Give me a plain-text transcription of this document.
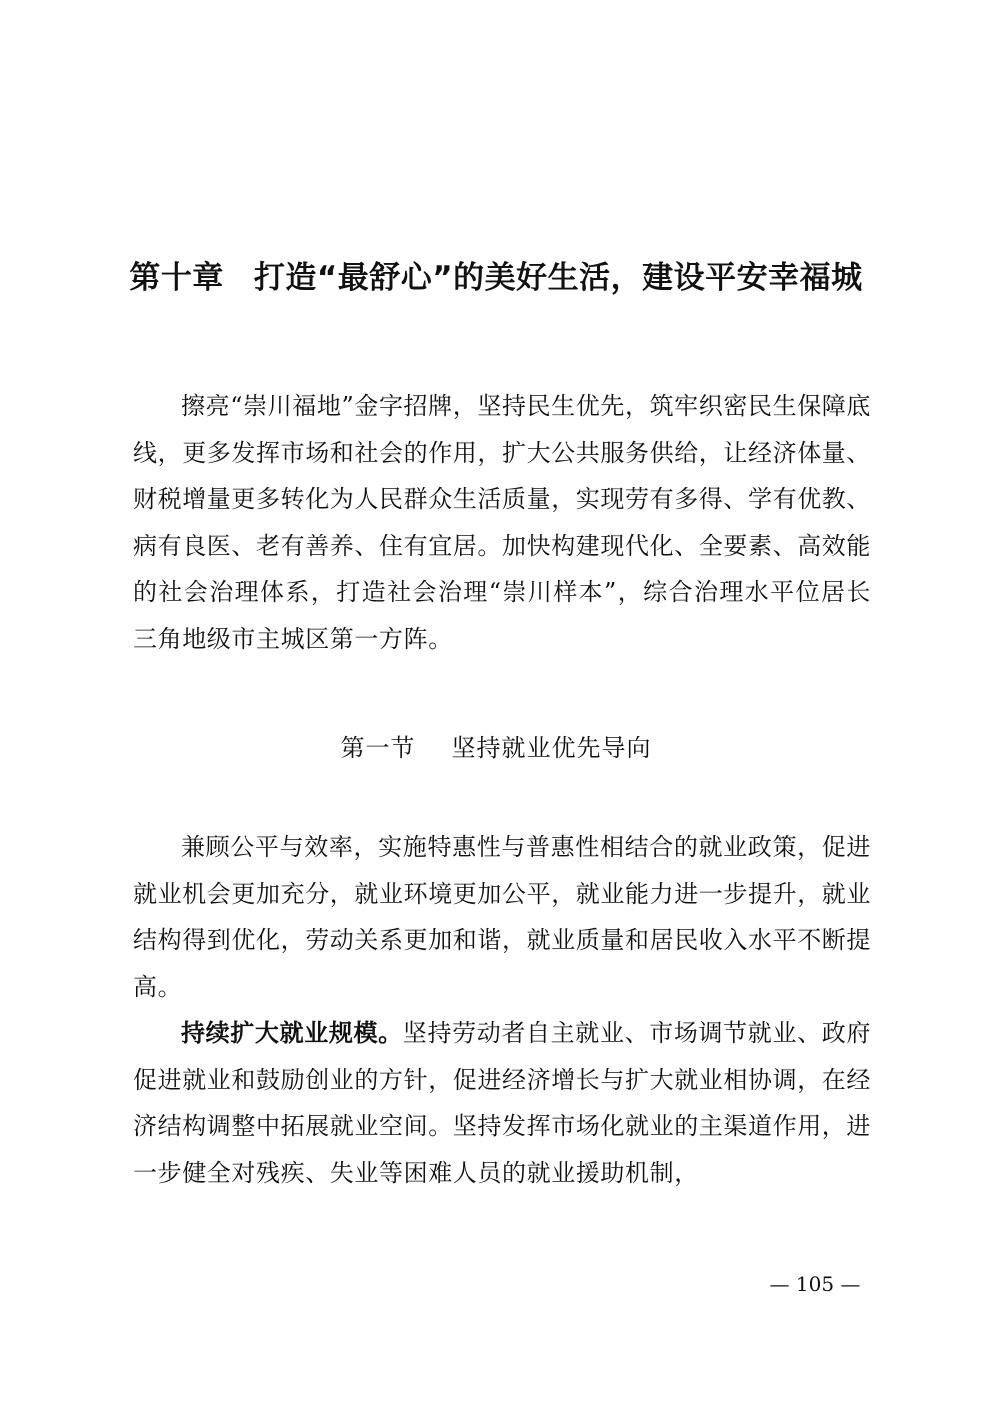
第十章 打造“最舒心”的美好生活，建设平安幸福城

擦亮“崇川福地”金字招牌，坚持民生优先，筑牢织密民生保障底线，更多发挥市场和社会的作用，扩大公共服务供给，让经济体量、财税增量更多转化为人民群众生活质量，实现劳有多得、学有优教、病有良医、老有善养、住有宜居。加快构建现代化、全要素、高效能的社会治理体系，打造社会治理“崇川样本”，综合治理水平位居长三角地级市主城区第一方阵。

第一节 坚持就业优先导向

兼顾公平与效率，实施特惠性与普惠性相结合的就业政策，促进就业机会更加充分，就业环境更加公平，就业能力进一步提升，就业结构得到优化，劳动关系更加和谐，就业质量和居民收入水平不断提高。

持续扩大就业规模。坚持劳动者自主就业、市场调节就业、政府促进就业和鼓励创业的方针，促进经济增长与扩大就业相协调，在经济结构调整中拓展就业空间。坚持发挥市场化就业的主渠道作用，进一步健全对残疾、失业等困难人员的就业援助机制，

— 105 —
